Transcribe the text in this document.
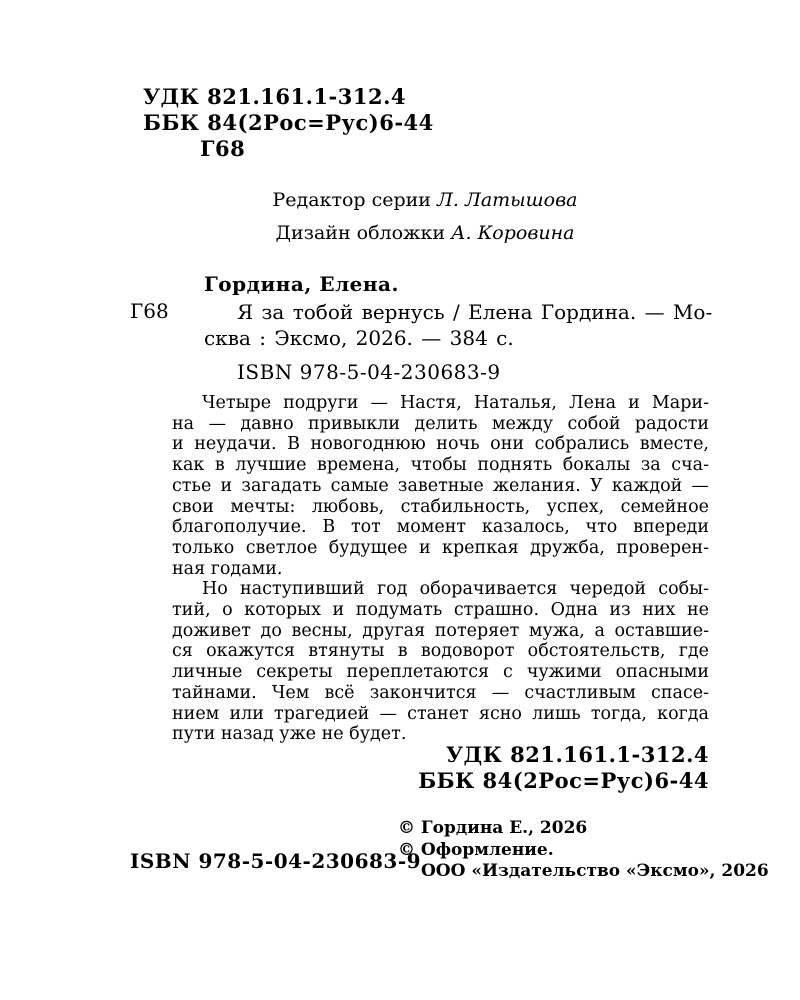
УДК 821.161.1-312.4
ББК 84(2Рос=Рус)6-44
Г68
Редактор серии Л. Латышова
Дизайн обложки А. Коровина
Гордина, Елена.
Г68	Я за тобой вернусь / Елена Гордина. — Мо-
сква : Эксмо, 2026. — 384 с.
ISBN 978-5-04-230683-9
Четыре подруги — Настя, Наталья, Лена и Мари-
на — давно привыкли делить между собой радости
и неудачи. В новогоднюю ночь они собрались вместе,
как в лучшие времена, чтобы поднять бокалы за сча-
стье и загадать самые заветные желания. У каждой —
свои мечты: любовь, стабильность, успех, семейное
благополучие. В тот момент казалось, что впереди
только светлое будущее и крепкая дружба, проверен-
ная годами.
Но наступивший год оборачивается чередой собы-
тий, о которых и подумать страшно. Одна из них не
доживет до весны, другая потеряет мужа, а оставшие-
ся окажутся втянуты в водоворот обстоятельств, где
личные секреты переплетаются с чужими опасными
тайнами. Чем всё закончится — счастливым спасе-
нием или трагедией — станет ясно лишь тогда, когда
пути назад уже не будет.
УДК 821.161.1-312.4
ББК 84(2Рос=Рус)6-44
ISBN 978-5-04-230683-9
© Гордина Е., 2026
© Оформление.
ООО «Издательство «Эксмо», 2026
